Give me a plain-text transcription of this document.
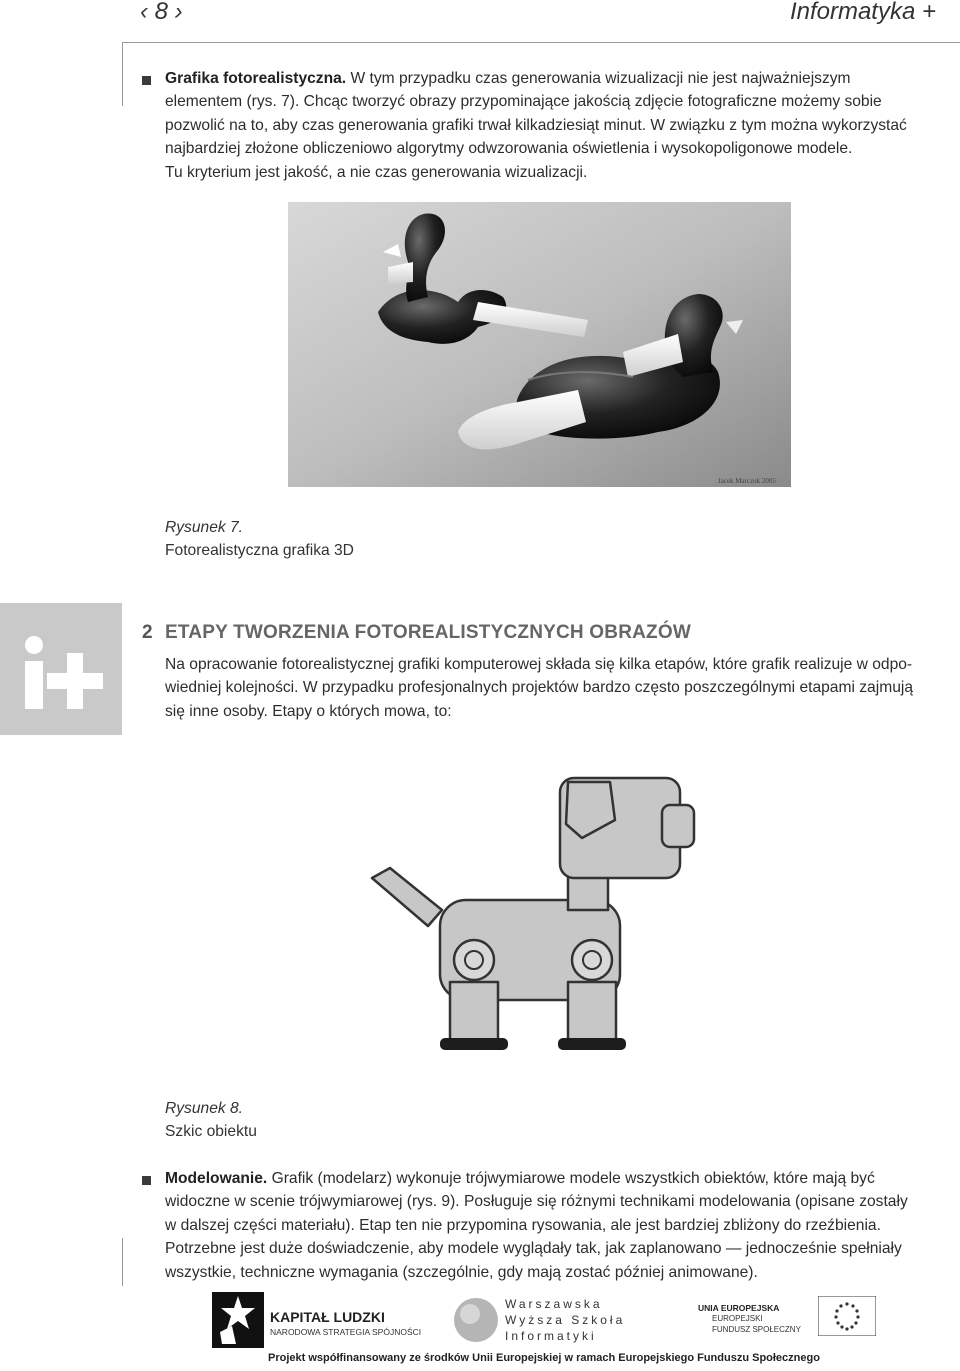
‹ 8 ›	Informatyka +
Grafika fotorealistyczna. W tym przypadku czas generowania wizualizacji nie jest najważniejszym
elementem (rys. 7). Chcąc tworzyć obrazy przypominające jakością zdjęcie fotograficzne możemy sobie
pozwolić na to, aby czas generowania grafiki trwał kilkadziesiąt minut. W związku z tym można wykorzystać
najbardziej złożone obliczeniowo algorytmy odwzorowania oświetlenia i wysokopoligonowe modele.
Tu kryterium jest jakość, a nie czas generowania wizualizacji.
Jacek Marczuk 2005
Rysunek 7.
Fotorealistyczna grafika 3D
2 ETAPY TWORZENIA FOTOREALISTYCZNYCH OBRAZÓW
Na opracowanie fotorealistycznej grafiki komputerowej składa się kilka etapów, które grafik realizuje w odpo-
wiedniej kolejności. W przypadku profesjonalnych projektów bardzo często poszczególnymi etapami zajmują
się inne osoby. Etapy o których mowa, to:
Rysunek 8.
Szkic obiektu
Modelowanie. Grafik (modelarz) wykonuje trójwymiarowe modele wszystkich obiektów, które mają być
widoczne w scenie trójwymiarowej (rys. 9). Posługuje się różnymi technikami modelowania (opisane zostały
w dalszej części materiału). Etap ten nie przypomina rysowania, ale jest bardziej zbliżony do rzeźbienia.
Potrzebne jest duże doświadczenie, aby modele wyglądały tak, jak zaplanowano — jednocześnie spełniały
wszystkie, techniczne wymagania (szczególnie, gdy mają zostać później animowane).
KAPITAŁ LUDZKI
NARODOWA STRATEGIA SPÓJNOŚCI
Warszawska
Wyższa Szkoła
Informatyki
UNIA EUROPEJSKA
EUROPEJSKI
FUNDUSZ SPOŁECZNY
Projekt współfinansowany ze środków Unii Europejskiej w ramach Europejskiego Funduszu Społecznego
